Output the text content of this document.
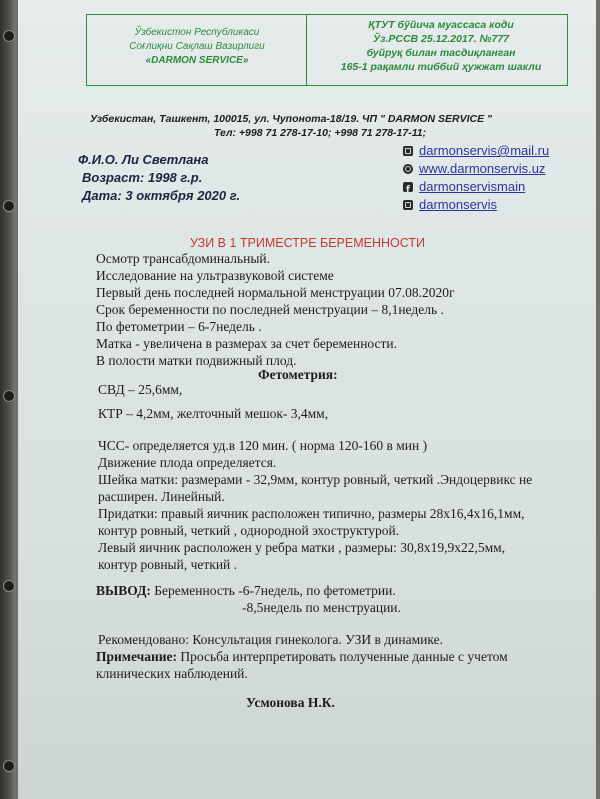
Ўзбекистон Республикаси
Соғлиқни Сақлаш Вазирлиги
«DARMON SERVICE»
ҚТУТ бўйича муассаса коди
Ўз.РССВ 25.12.2017. №777
буйруқ билан тасдиқланган
165-1 рақамли тиббий ҳужжат шакли
Узбекистан, Ташкент, 100015, ул. Чупонота-18/19. ЧП " DARMON SERVICE "
Тел: +998 71 278-17-10; +998 71 278-17-11;
Ф.И.О. Ли Светлана
Возраст: 1998 г.р.
Дата: 3 октября 2020 г.
darmonservis@mail.ru
www.darmonservis.uz
fdarmonservismain
darmonservis
УЗИ В 1 ТРИМЕСТРЕ БЕРЕМЕННОСТИ
Осмотр трансабдоминальный.
Исследование на ультразвуковой системе
Первый день последней нормальной менструации 07.08.2020г
Срок беременности по последней менструации – 8,1недель .
По фетометрии – 6-7недель .
Матка - увеличена в размерах за счет беременности.
В полости матки подвижный плод.
Фетометрия:
СВД – 25,6мм,
КТР – 4,2мм, желточный мешок- 3,4мм,
ЧСС- определяется уд.в 120 мин. ( норма 120-160 в мин )
Движение плода определяется.
Шейка матки: размерами - 32,9мм, контур ровный, четкий .Эндоцервикс не
расширен. Линейный.
Придатки: правый яичник расположен типично, размеры 28х16,4х16,1мм,
контур ровный, четкий , однородной эхоструктурой.
Левый яичник расположен у ребра матки , размеры: 30,8х19,9х22,5мм,
контур ровный, четкий .
ВЫВОД: Беременность -6-7недель, по фетометрии.
-8,5недель по менструации.
Рекомендовано: Консультация гинеколога. УЗИ в динамике.
Примечание: Просьба интерпретировать полученные данные с учетом
клинических наблюдений.
Усмонова Н.К.
